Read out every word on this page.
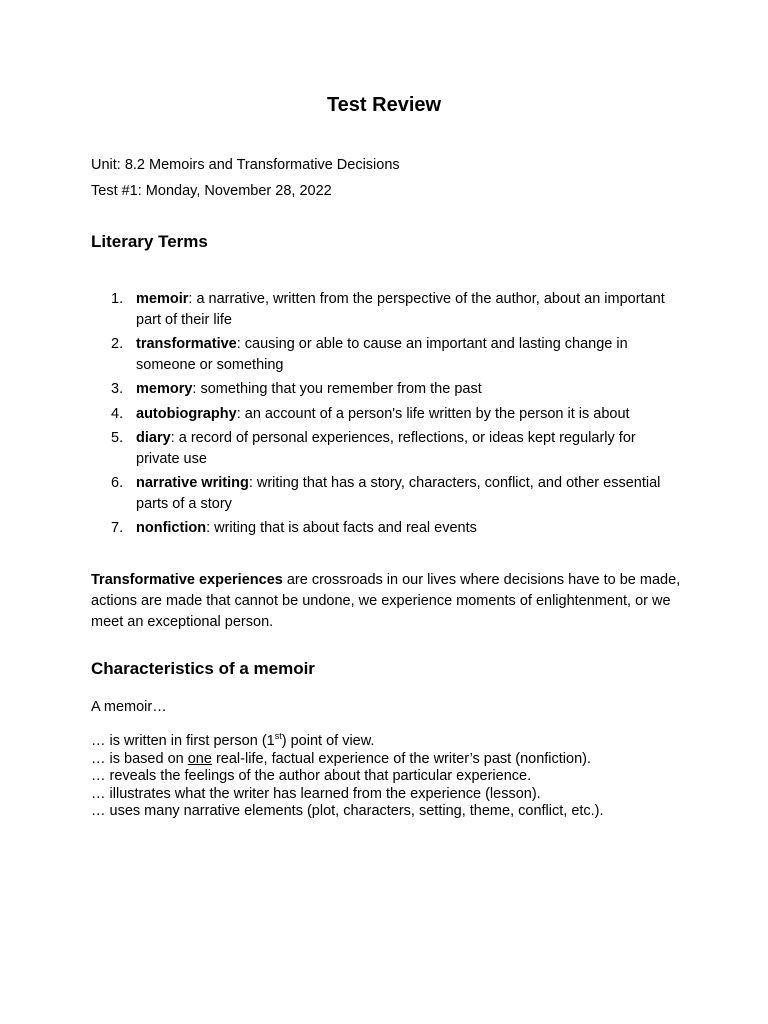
Test Review
Unit: 8.2 Memoirs and Transformative Decisions
Test #1: Monday, November 28, 2022
Literary Terms
1. memoir: a narrative, written from the perspective of the author, about an important part of their life
2. transformative: causing or able to cause an important and lasting change in someone or something
3. memory: something that you remember from the past
4. autobiography: an account of a person's life written by the person it is about
5. diary: a record of personal experiences, reflections, or ideas kept regularly for private use
6. narrative writing: writing that has a story, characters, conflict, and other essential parts of a story
7. nonfiction: writing that is about facts and real events

Transformative experiences are crossroads in our lives where decisions have to be made, actions are made that cannot be undone, we experience moments of enlightenment, or we meet an exceptional person.

Characteristics of a memoir
A memoir…
… is written in first person (1st) point of view.
… is based on one real-life, factual experience of the writer’s past (nonfiction).
… reveals the feelings of the author about that particular experience.
… illustrates what the writer has learned from the experience (lesson).
… uses many narrative elements (plot, characters, setting, theme, conflict, etc.).
